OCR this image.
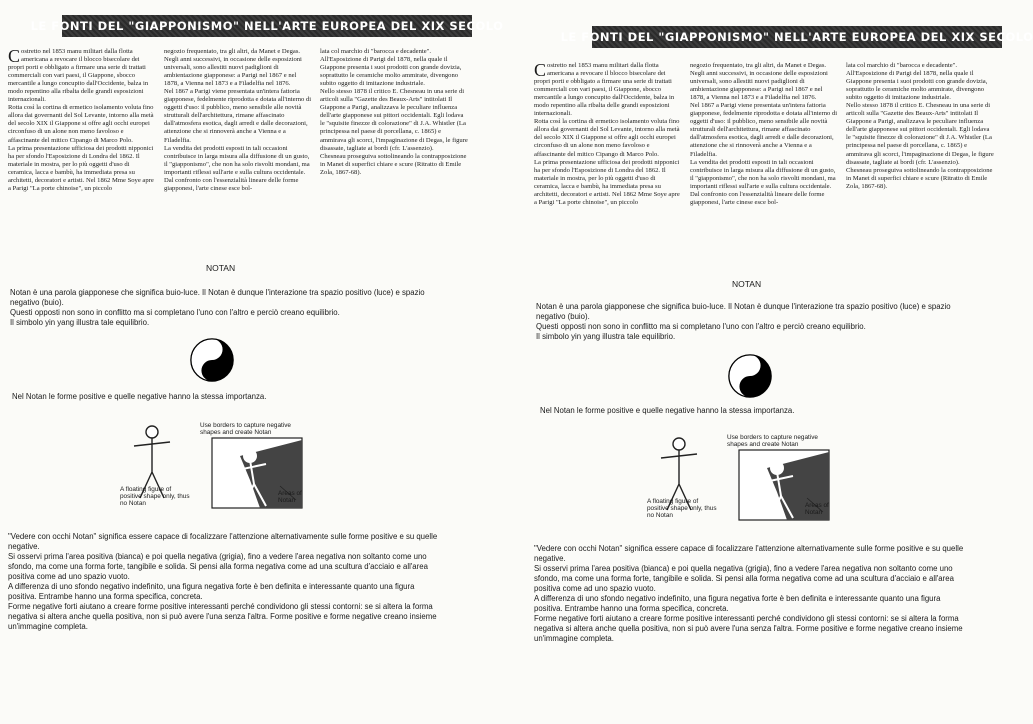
LE FONTI DEL "GIAPPONISMO" NELL'ARTE EUROPEA DEL XIX SECOLO
C ostretto nel 1853 manu militari dalla flotta americana a revocare il blocco bisecolare dei propri porti e obbligato a firmare una serie di trattati commerciali con vari paesi, il Giappone, sbocco mercantile a lungo concupito dall'Occidente, balza in modo repentino alla ribalta delle grandi esposizioni internazionali.
Rotta così la cortina di ermetico isolamento voluta fino allora dai governanti del Sol Levante, intorno alla metà del secolo XIX il Giappone si offre agli occhi europei circonfuso di un alone non meno favoloso e affascinante del mitico Cipango di Marco Polo.
La prima presentazione ufficiosa dei prodotti nipponici ha per sfondo l'Esposizione di Londra del 1862. Il materiale in mostra, per lo più oggetti d'uso di ceramica, lacca e bambù, ha immediata presa su architetti, decoratori e artisti. Nel 1862 Mme Soye apre a Parigi "La porte chinoise", un piccolo

negozio frequentato, tra gli altri, da Manet e Degas. Negli anni successivi, in occasione delle esposizioni universali, sono allestiti nuovi padiglioni di ambientazione giapponese: a Parigi nel 1867 e nel 1878, a Vienna nel 1873 e a Filadelfia nel 1876.
Nel 1867 a Parigi viene presentata un'intera fattoria giapponese, fedelmente riprodotta e dotata all'interno di oggetti d'uso: il pubblico, meno sensibile alle novità strutturali dell'architettura, rimane affascinato dall'atmosfera esotica, dagli arredi e dalle decorazioni, attenzione che si rinnoverà anche a Vienna e a Filadelfia.
La vendita dei prodotti esposti in tali occasioni contribuisce in larga misura alla diffusione di un gusto, il "giapponismo", che non ha solo risvolti mondani, ma importanti riflessi sull'arte e sulla cultura occidentale. Dal confronto con l'essenzialità lineare delle forme giapponesi, l'arte cinese esce bol-

lata col marchio di "barocca e decadente".
All'Esposizione di Parigi del 1878, nella quale il Giappone presenta i suoi prodotti con grande dovizia, soprattutto le ceramiche molto ammirate, divengono subito oggetto di imitazione industriale.
Nello stesso 1878 il critico E. Chesneau in una serie di articoli sulla "Gazette des Beaux-Arts" intitolati Il Giappone a Parigi, analizzava le peculiare influenza dell'arte giapponese sui pittori occidentali. Egli lodava le "squisite finezze di colorazione" di J.A. Whistler (La principessa nel paese di porcellana, c. 1865) e ammirava gli scorci, l'impaginazione di Degas, le figure disassate, tagliate ai bordi (cfr. L'assenzio).
Chesneau proseguiva sottolineando la contrapposizione in Manet di superfici chiare e scure (Ritratto di Emile Zola, 1867-68).

NOTAN

Notan è una parola giapponese che significa buio-luce. Il Notan è dunque l'interazione tra spazio positivo (luce) e spazio negativo (buio).

Questi opposti non sono in conflitto ma si completano l'uno con l'altro e perciò creano equilibrio.

Il simbolo yin yang illustra tale equilibrio.

Nel Notan le forme positive e quelle negative hanno la stessa importanza.
Use borders to capture negative shapes and create Notan
A floating figure of positive shape only, thus no Notan
Areas of Notan

"Vedere con occhi Notan" significa essere capace di focalizzare l'attenzione alternativamente sulle forme positive e su quelle negative.

Si osservi prima l'area positiva (bianca) e poi quella negativa (grigia), fino a vedere l'area negativa non soltanto come uno sfondo, ma come una forma forte, tangibile e solida. Si pensi alla forma negativa come ad una scultura d'acciaio e all'area positiva come ad uno spazio vuoto.

A differenza di uno sfondo negativo indefinito, una figura negativa forte è ben definita e interessante quanto una figura positiva. Entrambe hanno una forma specifica, concreta.

Forme negative forti aiutano a creare forme positive interessanti perché condividono gli stessi contorni: se si altera la forma negativa si altera anche quella positiva, non si può avere l'una senza l'altra. Forme positive e forme negative creano insieme un'immagine completa.

LE FONTI DEL "GIAPPONISMO" NELL'ARTE EUROPEA DEL XIX SECOLO
C ostretto nel 1853 manu militari dalla flotta americana a revocare il blocco bisecolare dei propri porti e obbligato a firmare una serie di trattati commerciali con vari paesi, il Giappone, sbocco mercantile a lungo concupito dall'Occidente, balza in modo repentino alla ribalta delle grandi esposizioni internazionali.
Rotta così la cortina di ermetico isolamento voluta fino allora dai governanti del Sol Levante, intorno alla metà del secolo XIX il Giappone si offre agli occhi europei circonfuso di un alone non meno favoloso e affascinante del mitico Cipango di Marco Polo.
La prima presentazione ufficiosa dei prodotti nipponici ha per sfondo l'Esposizione di Londra del 1862. Il materiale in mostra, per lo più oggetti d'uso di ceramica, lacca e bambù, ha immediata presa su architetti, decoratori e artisti. Nel 1862 Mme Soye apre a Parigi "La porte chinoise", un piccolo

negozio frequentato, tra gli altri, da Manet e Degas. Negli anni successivi, in occasione delle esposizioni universali, sono allestiti nuovi padiglioni di ambientazione giapponese: a Parigi nel 1867 e nel 1878, a Vienna nel 1873 e a Filadelfia nel 1876.
Nel 1867 a Parigi viene presentata un'intera fattoria giapponese, fedelmente riprodotta e dotata all'interno di oggetti d'uso: il pubblico, meno sensibile alle novità strutturali dell'architettura, rimane affascinato dall'atmosfera esotica, dagli arredi e dalle decorazioni, attenzione che si rinnoverà anche a Vienna e a Filadelfia.
La vendita dei prodotti esposti in tali occasioni contribuisce in larga misura alla diffusione di un gusto, il "giapponismo", che non ha solo risvolti mondani, ma importanti riflessi sull'arte e sulla cultura occidentale. Dal confronto con l'essenzialità lineare delle forme giapponesi, l'arte cinese esce bol-

lata col marchio di "barocca e decadente".
All'Esposizione di Parigi del 1878, nella quale il Giappone presenta i suoi prodotti con grande dovizia, soprattutto le ceramiche molto ammirate, divengono subito oggetto di imitazione industriale.
Nello stesso 1878 il critico E. Chesneau in una serie di articoli sulla "Gazette des Beaux-Arts" intitolati Il Giappone a Parigi, analizzava le peculiare influenza dell'arte giapponese sui pittori occidentali. Egli lodava le "squisite finezze di colorazione" di J.A. Whistler (La principessa nel paese di porcellana, c. 1865) e ammirava gli scorci, l'impaginazione di Degas, le figure disassate, tagliate ai bordi (cfr. L'assenzio).
Chesneau proseguiva sottolineando la contrapposizione in Manet di superfici chiare e scure (Ritratto di Emile Zola, 1867-68).

NOTAN

Notan è una parola giapponese che significa buio-luce. Il Notan è dunque l'interazione tra spazio positivo (luce) e spazio negativo (buio).

Questi opposti non sono in conflitto ma si completano l'uno con l'altro e perciò creano equilibrio.

Il simbolo yin yang illustra tale equilibrio.

Nel Notan le forme positive e quelle negative hanno la stessa importanza.
Use borders to capture negative shapes and create Notan
A floating figure of positive shape only, thus no Notan
Areas of Notan

"Vedere con occhi Notan" significa essere capace di focalizzare l'attenzione alternativamente sulle forme positive e su quelle negative.

Si osservi prima l'area positiva (bianca) e poi quella negativa (grigia), fino a vedere l'area negativa non soltanto come uno sfondo, ma come una forma forte, tangibile e solida. Si pensi alla forma negativa come ad una scultura d'acciaio e all'area positiva come ad uno spazio vuoto.

A differenza di uno sfondo negativo indefinito, una figura negativa forte è ben definita e interessante quanto una figura positiva. Entrambe hanno una forma specifica, concreta.

Forme negative forti aiutano a creare forme positive interessanti perché condividono gli stessi contorni: se si altera la forma negativa si altera anche quella positiva, non si può avere l'una senza l'altra. Forme positive e forme negative creano insieme un'immagine completa.
